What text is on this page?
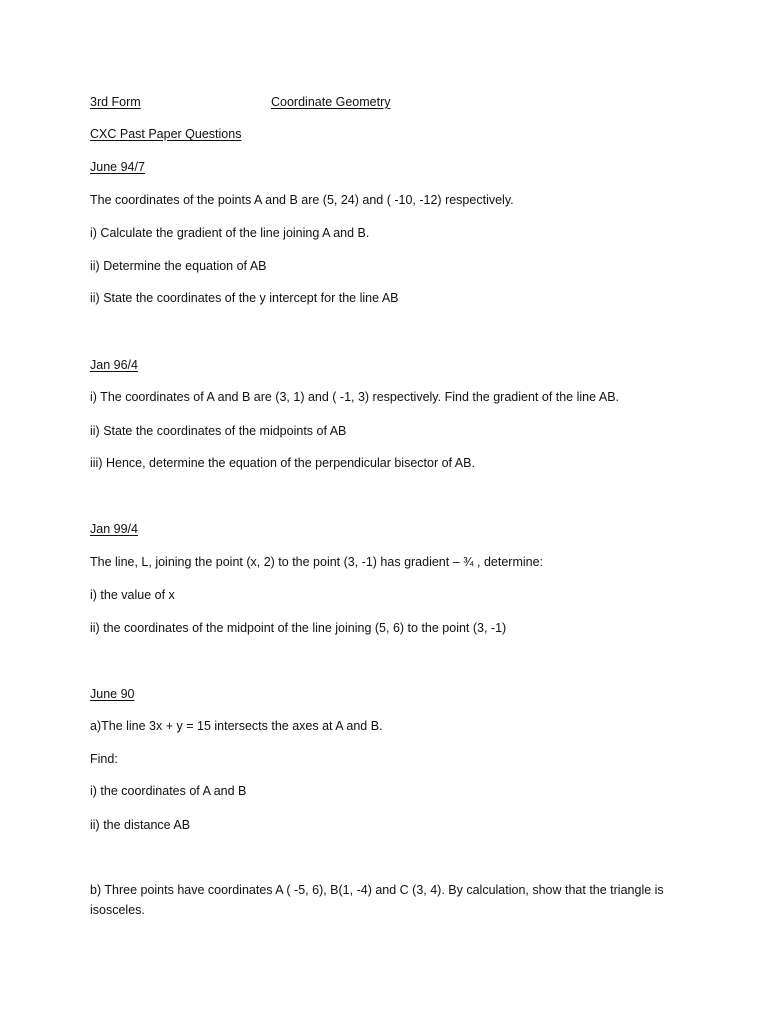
3rd Form	Coordinate Geometry
CXC Past Paper Questions
June 94/7
The coordinates of the points A and B are (5, 24) and ( -10, -12) respectively.
i) Calculate the gradient of the line joining A and B.
ii) Determine the equation of AB
ii) State the coordinates of the y intercept for the line AB
Jan 96/4
i) The coordinates of A and B are (3, 1) and ( -1, 3) respectively. Find the gradient of the line AB.
ii) State the coordinates of the midpoints of AB
iii) Hence, determine the equation of the perpendicular bisector of AB.
Jan 99/4
The line, L, joining the point (x, 2) to the point (3, -1) has gradient – ¾ , determine:
i) the value of x
ii) the coordinates of the midpoint of the line joining (5, 6) to the point (3, -1)
June 90
a)The line 3x + y = 15 intersects the axes at A and B.
Find:
i) the coordinates of A and B
ii) the distance AB
b) Three points have coordinates A ( -5, 6), B(1, -4) and C (3, 4). By calculation, show that the triangle is isosceles.
